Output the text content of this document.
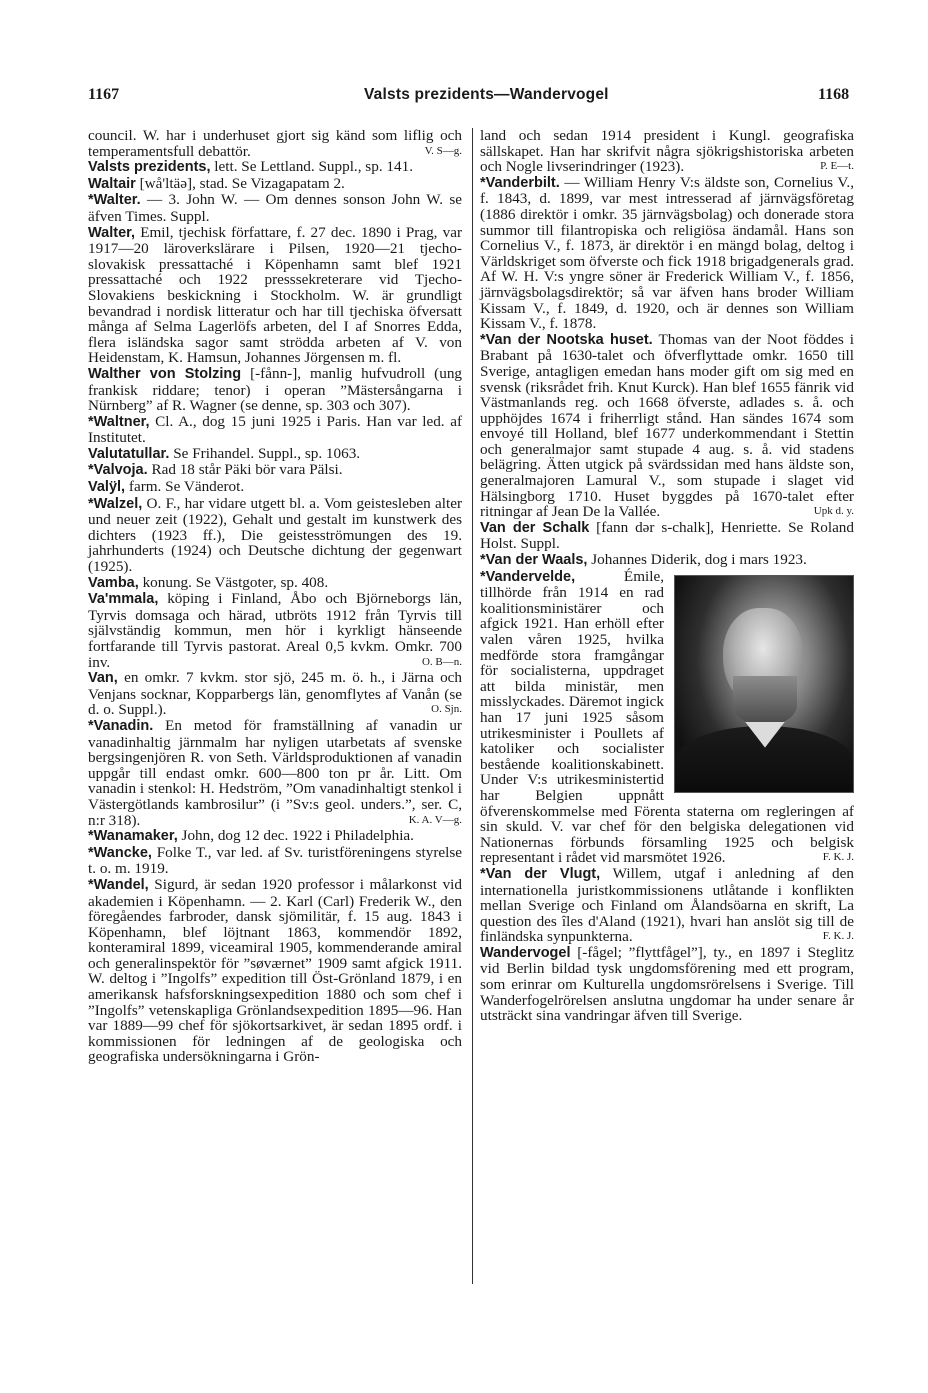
1167	Valsts prezidents—Wandervogel	1168

council. W. har i underhuset gjort sig känd som liflig och temperamentsfull debattör.	V. S—g.

Valsts prezidents, lett. Se Lettland. Suppl., sp. 141.

Waltair [wå'ltäə], stad. Se Vizagapatam 2.

*Walter. — 3. John W. — Om dennes sonson John W. se äfven Times. Suppl.

Walter, Emil, tjechisk författare, f. 27 dec. 1890 i Prag, var 1917—20 läroverkslärare i Pilsen, 1920—21 tjecho-slovakisk pressattaché i Köpenhamn samt blef 1921 pressattaché och 1922 presssekreterare vid Tjecho-Slovakiens beskickning i Stockholm. W. är grundligt bevandrad i nordisk litteratur och har till tjechiska öfversatt många af Selma Lagerlöfs arbeten, del I af Snorres Edda, flera isländska sagor samt strödda arbeten af V. von Heidenstam, K. Hamsun, Johannes Jörgensen m. fl.

Walther von Stolzing [-fånn-], manlig hufvudroll (ung frankisk riddare; tenor) i operan ”Mästersångarna i Nürnberg” af R. Wagner (se denne, sp. 303 och 307).

*Waltner, Cl. A., dog 15 juni 1925 i Paris. Han var led. af Institutet.

Valutatullar. Se Frihandel. Suppl., sp. 1063.

*Valvoja. Rad 18 står Päki bör vara Pälsi.

Valÿl, farm. Se Vänderot.

*Walzel, O. F., har vidare utgett bl. a. Vom geistesleben alter und neuer zeit (1922), Gehalt und gestalt im kunstwerk des dichters (1923 ff.), Die geistesströmungen des 19. jahrhunderts (1924) och Deutsche dichtung der gegenwart (1925).

Vamba, konung. Se Västgoter, sp. 408.

Va'mmala, köping i Finland, Åbo och Björneborgs län, Tyrvis domsaga och härad, utbröts 1912 från Tyrvis till självständig kommun, men hör i kyrkligt hänseende fortfarande till Tyrvis pastorat. Areal 0,5 kvkm. Omkr. 700 inv.	O. B—n.

Van, en omkr. 7 kvkm. stor sjö, 245 m. ö. h., i Järna och Venjans socknar, Kopparbergs län, genomflytes af Vanån (se d. o. Suppl.).	O. Sjn.

*Vanadin. En metod för framställning af vanadin ur vanadinhaltig järnmalm har nyligen utarbetats af svenske bergsingenjören R. von Seth. Världsproduktionen af vanadin uppgår till endast omkr. 600—800 ton pr år. Litt. Om vanadin i stenkol: H. Hedström, ”Om vanadinhaltigt stenkol i Västergötlands kambrosilur” (i ”Sv:s geol. unders.”, ser. C, n:r 318).	K. A. V—g.

*Wanamaker, John, dog 12 dec. 1922 i Philadelphia.

*Wancke, Folke T., var led. af Sv. turistföreningens styrelse t. o. m. 1919.

*Wandel, Sigurd, är sedan 1920 professor i målarkonst vid akademien i Köpenhamn. — 2. Karl (Carl) Frederik W., den föregåendes farbroder, dansk sjömilitär, f. 15 aug. 1843 i Köpenhamn, blef löjtnant 1863, kommendör 1892, konteramiral 1899, viceamiral 1905, kommenderande amiral och generalinspektör för ”søværnet” 1909 samt afgick 1911. W. deltog i ”Ingolfs” expedition till Öst-Grönland 1879, i en amerikansk hafsforskningsexpedition 1880 och som chef i ”Ingolfs” vetenskapliga Grönlandsexpedition 1895—96. Han var 1889—99 chef för sjökortsarkivet, är sedan 1895 ordf. i kommissionen för ledningen af de geologiska och geografiska undersökningarna i Grön-

land och sedan 1914 president i Kungl. geografiska sällskapet. Han har skrifvit några sjökrigshistoriska arbeten och Nogle livserindringer (1923).	P. E—t.

*Vanderbilt. — William Henry V:s äldste son, Cornelius V., f. 1843, d. 1899, var mest intresserad af järnvägsföretag (1886 direktör i omkr. 35 järnvägsbolag) och donerade stora summor till filantropiska och religiösa ändamål. Hans son Cornelius V., f. 1873, är direktör i en mängd bolag, deltog i Världskriget som öfverste och fick 1918 brigadgenerals grad. Af W. H. V:s yngre söner är Frederick William V., f. 1856, järnvägsbolagsdirektör; så var äfven hans broder William Kissam V., f. 1849, d. 1920, och är dennes son William Kissam V., f. 1878.

*Van der Nootska huset. Thomas van der Noot föddes i Brabant på 1630-talet och öfverflyttade omkr. 1650 till Sverige, antagligen emedan hans moder gift om sig med en svensk (riksrådet frih. Knut Kurck). Han blef 1655 fänrik vid Västmanlands reg. och 1668 öfverste, adlades s. å. och upphöjdes 1674 i friherrligt stånd. Han sändes 1674 som envoyé till Holland, blef 1677 underkommendant i Stettin och generalmajor samt stupade 4 aug. s. å. vid stadens belägring. Ätten utgick på svärdssidan med hans äldste son, generalmajoren Lamural V., som stupade i slaget vid Hälsingborg 1710. Huset byggdes på 1670-talet efter ritningar af Jean De la Vallée.	Upk d. y.

Van der Schalk [fann dər s-chalk], Henriette. Se Roland Holst. Suppl.

*Van der Waals, Johannes Diderik, dog i mars 1923.

*Vandervelde,	Émile, tillhörde från 1914 en rad koalitionsministärer och afgick 1921. Han erhöll efter valen våren 1925, hvilka medförde stora framgångar för socialisterna, uppdraget att bilda ministär, men misslyckades. Däremot ingick han 17 juni 1925 såsom utrikesminister i Poullets af katoliker och socialister bestående koalitionskabinett. Under V:s utrikesministertid har Belgien uppnått öfverenskommelse med Förenta staterna om regleringen af sin skuld. V. var chef för den belgiska delegationen vid Nationernas förbunds församling 1925 och belgisk representant i rådet vid marsmötet 1926.	F. K. J.

*Van der Vlugt, Willem, utgaf i anledning af den internationella juristkommissionens utlåtande i konflikten mellan Sverige och Finland om Ålandsöarna en skrift, La question des îles d'Aland (1921), hvari han anslöt sig till de finländska synpunkterna.	F. K. J.

Wandervogel [-fågel; ”flyttfågel”], ty., en 1897 i Steglitz vid Berlin bildad tysk ungdomsförening med ett program, som erinrar om Kulturella ungdomsrörelsens i Sverige. Till Wanderfogelrörelsen anslutna ungdomar ha under senare år utsträckt sina vandringar äfven till Sverige.
